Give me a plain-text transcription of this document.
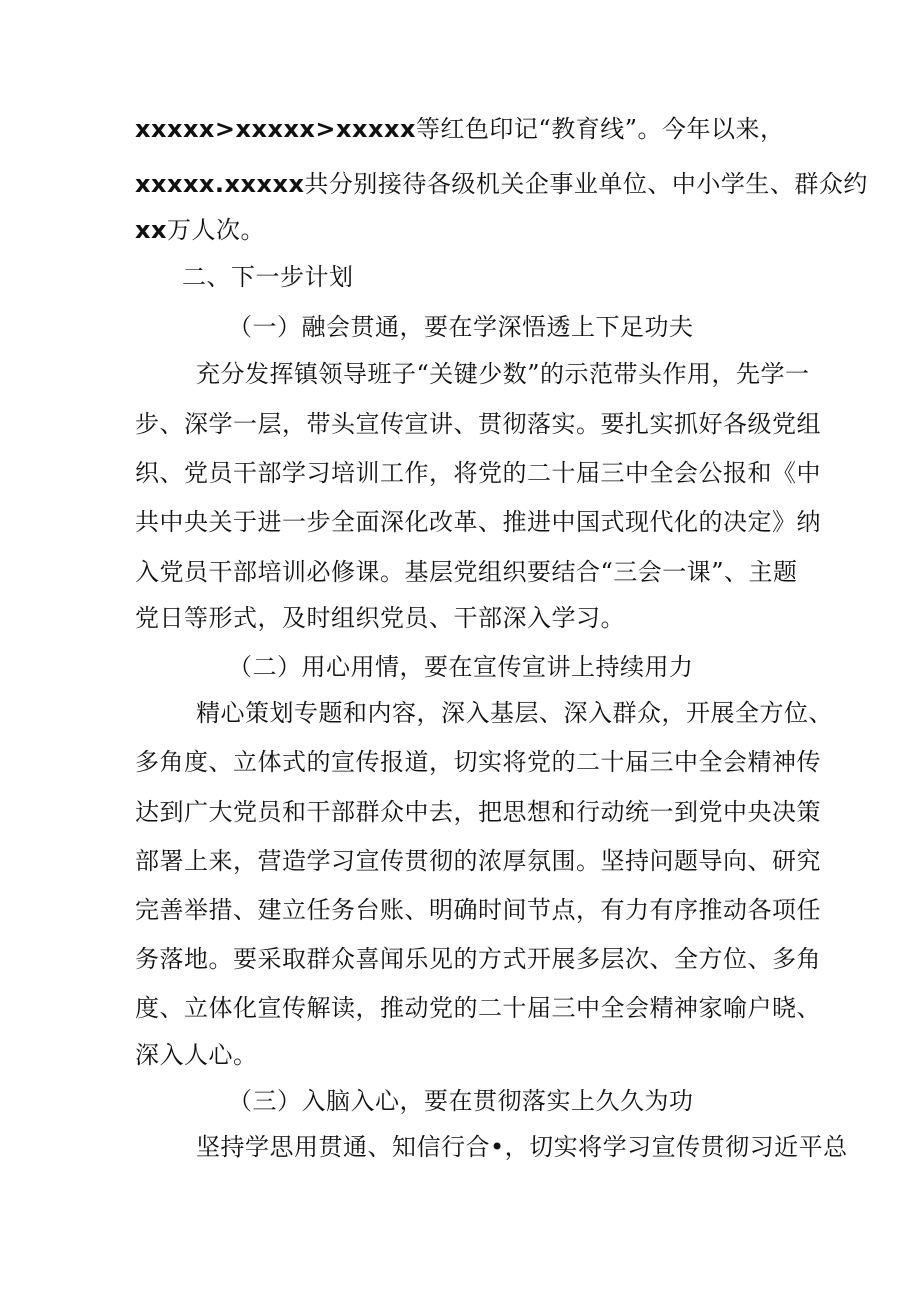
xxxxx>xxxxx>xxxxx等红色印记“教育线”。今年以来，
xxxxx.xxxxx共分别接待各级机关企事业单位、中小学生、群众约
xx万人次。
二、下一步计划
（一）融会贯通，要在学深悟透上下足功夫
充分发挥镇领导班子“关键少数”的示范带头作用，先学一
步、深学一层，带头宣传宣讲、贯彻落实。要扎实抓好各级党组
织、党员干部学习培训工作，将党的二十届三中全会公报和《中
共中央关于进一步全面深化改革、推进中国式现代化的决定》纳
入党员干部培训必修课。基层党组织要结合“三会一课”、主题
党日等形式，及时组织党员、干部深入学习。
（二）用心用情，要在宣传宣讲上持续用力
精心策划专题和内容，深入基层、深入群众，开展全方位、
多角度、立体式的宣传报道，切实将党的二十届三中全会精神传
达到广大党员和干部群众中去，把思想和行动统一到党中央决策
部署上来，营造学习宣传贯彻的浓厚氛围。坚持问题导向、研究
完善举措、建立任务台账、明确时间节点，有力有序推动各项任
务落地。要采取群众喜闻乐见的方式开展多层次、全方位、多角
度、立体化宣传解读，推动党的二十届三中全会精神家喻户晓、
深入人心。
（三）入脑入心，要在贯彻落实上久久为功
坚持学思用贯通、知信行合•，切实将学习宣传贯彻习近平总
